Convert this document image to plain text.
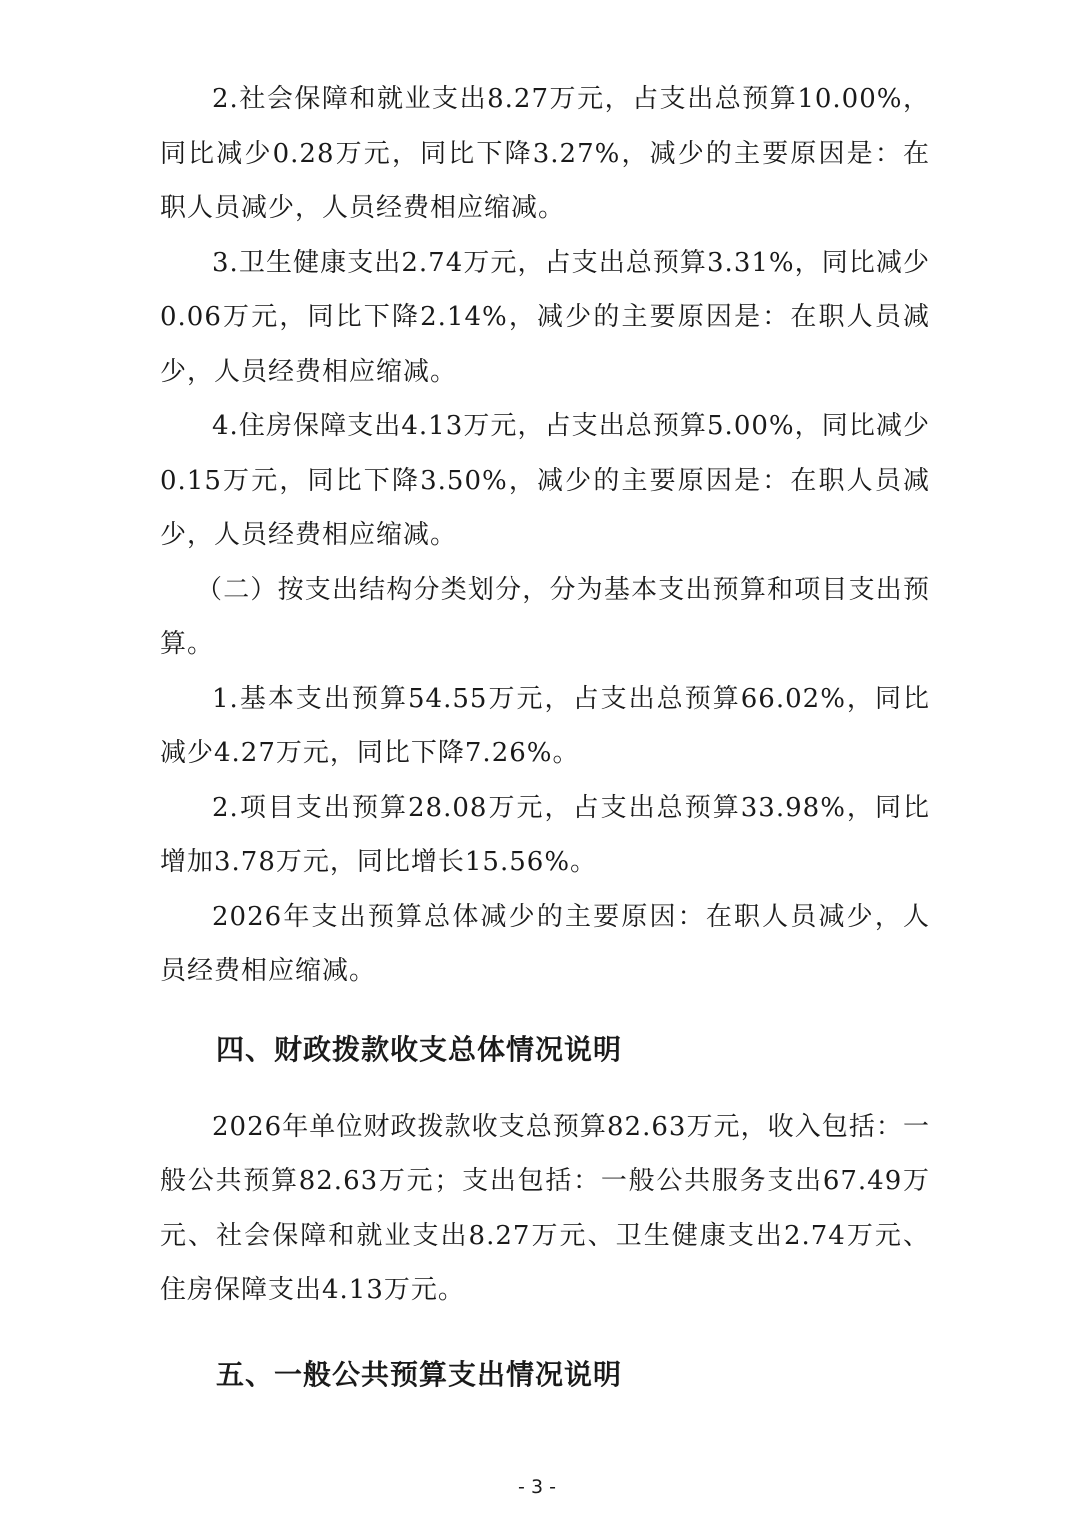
2.社会保障和就业支出8.27万元，占支出总预算10.00%，同比减少0.28万元，同比下降3.27%，减少的主要原因是：在职人员减少，人员经费相应缩减。

3.卫生健康支出2.74万元，占支出总预算3.31%，同比减少0.06万元，同比下降2.14%，减少的主要原因是：在职人员减少，人员经费相应缩减。

4.住房保障支出4.13万元，占支出总预算5.00%，同比减少0.15万元，同比下降3.50%，减少的主要原因是：在职人员减少，人员经费相应缩减。

（二）按支出结构分类划分，分为基本支出预算和项目支出预算。

1.基本支出预算54.55万元，占支出总预算66.02%，同比减少4.27万元，同比下降7.26%。

2.项目支出预算28.08万元，占支出总预算33.98%，同比增加3.78万元，同比增长15.56%。

2026年支出预算总体减少的主要原因：在职人员减少，人员经费相应缩减。

四、财政拨款收支总体情况说明

2026年单位财政拨款收支总预算82.63万元，收入包括：一般公共预算82.63万元；支出包括：一般公共服务支出67.49万元、社会保障和就业支出8.27万元、卫生健康支出2.74万元、住房保障支出4.13万元。

五、一般公共预算支出情况说明
- 3 -
